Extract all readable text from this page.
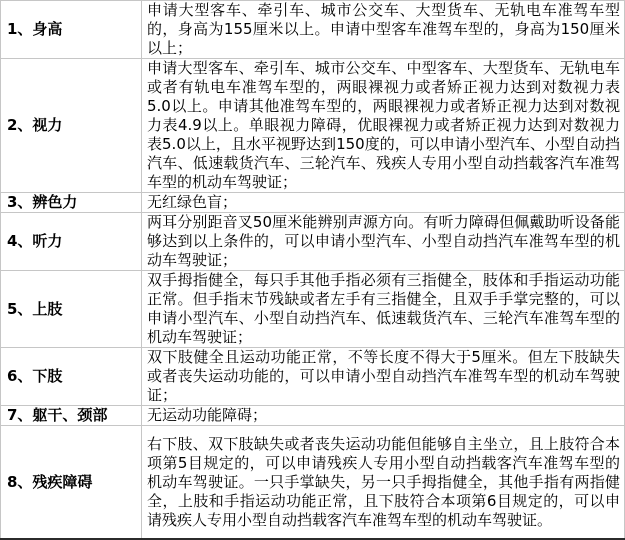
1、身高	申请大型客车、牵引车、城市公交车、大型货车、无轨电车准驾车型的，身高为155厘米以上。申请中型客车准驾车型的，身高为150厘米以上；
2、视力	申请大型客车、牵引车、城市公交车、中型客车、大型货车、无轨电车或者有轨电车准驾车型的，两眼裸视力或者矫正视力达到对数视力表5.0以上。申请其他准驾车型的，两眼裸视力或者矫正视力达到对数视力表4.9以上。单眼视力障碍，优眼裸视力或者矫正视力达到对数视力表5.0以上，且水平视野达到150度的，可以申请小型汽车、小型自动挡汽车、低速载货汽车、三轮汽车、残疾人专用小型自动挡载客汽车准驾车型的机动车驾驶证；
3、辨色力	无红绿色盲；
4、听力	两耳分别距音叉50厘米能辨别声源方向。有听力障碍但佩戴助听设备能够达到以上条件的，可以申请小型汽车、小型自动挡汽车准驾车型的机动车驾驶证；
5、上肢	双手拇指健全，每只手其他手指必须有三指健全，肢体和手指运动功能正常。但手指末节残缺或者左手有三指健全，且双手手掌完整的，可以申请小型汽车、小型自动挡汽车、低速载货汽车、三轮汽车准驾车型的机动车驾驶证；
6、下肢	双下肢健全且运动功能正常，不等长度不得大于5厘米。但左下肢缺失或者丧失运动功能的，可以申请小型自动挡汽车准驾车型的机动车驾驶证；
7、躯干、颈部	无运动功能障碍；
8、残疾障碍	右下肢、双下肢缺失或者丧失运动功能但能够自主坐立，且上肢符合本项第5目规定的，可以申请残疾人专用小型自动挡载客汽车准驾车型的机动车驾驶证。一只手掌缺失，另一只手拇指健全，其他手指有两指健全，上肢和手指运动功能正常，且下肢符合本项第6目规定的，可以申请残疾人专用小型自动挡载客汽车准驾车型的机动车驾驶证。
